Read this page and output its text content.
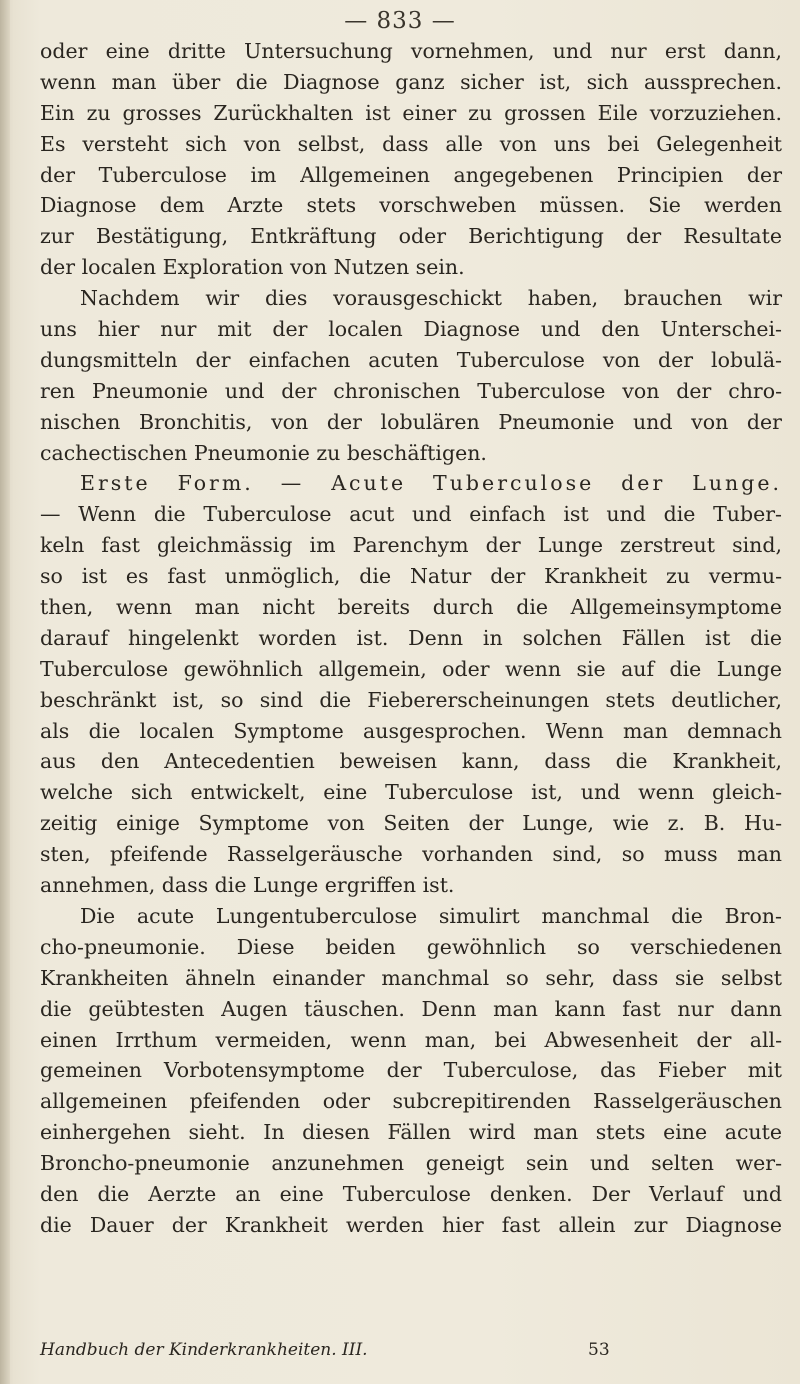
— 833 —
oder eine dritte Untersuchung vornehmen, und nur erst dann,
wenn man über die Diagnose ganz sicher ist, sich aussprechen.
Ein zu grosses Zurückhalten ist einer zu grossen Eile vorzuziehen.
Es versteht sich von selbst, dass alle von uns bei Gelegenheit
der Tuberculose im Allgemeinen angegebenen Principien der
Diagnose dem Arzte stets vorschweben müssen. Sie werden
zur Bestätigung, Entkräftung oder Berichtigung der Resultate
der localen Exploration von Nutzen sein.
Nachdem wir dies vorausgeschickt haben, brauchen wir
uns hier nur mit der localen Diagnose und den Unterschei-
dungsmitteln der einfachen acuten Tuberculose von der lobulä-
ren Pneumonie und der chronischen Tuberculose von der chro-
nischen Bronchitis, von der lobulären Pneumonie und von der
cachectischen Pneumonie zu beschäftigen.
Erste Form. — Acute Tuberculose der Lunge.
— Wenn die Tuberculose acut und einfach ist und die Tuber-
keln fast gleichmässig im Parenchym der Lunge zerstreut sind,
so ist es fast unmöglich, die Natur der Krankheit zu vermu-
then, wenn man nicht bereits durch die Allgemeinsymptome
darauf hingelenkt worden ist. Denn in solchen Fällen ist die
Tuberculose gewöhnlich allgemein, oder wenn sie auf die Lunge
beschränkt ist, so sind die Fiebererscheinungen stets deutlicher,
als die localen Symptome ausgesprochen. Wenn man demnach
aus den Antecedentien beweisen kann, dass die Krankheit,
welche sich entwickelt, eine Tuberculose ist, und wenn gleich-
zeitig einige Symptome von Seiten der Lunge, wie z. B. Hu-
sten, pfeifende Rasselgeräusche vorhanden sind, so muss man
annehmen, dass die Lunge ergriffen ist.
Die acute Lungentuberculose simulirt manchmal die Bron-
cho-pneumonie. Diese beiden gewöhnlich so verschiedenen
Krankheiten ähneln einander manchmal so sehr, dass sie selbst
die geübtesten Augen täuschen. Denn man kann fast nur dann
einen Irrthum vermeiden, wenn man, bei Abwesenheit der all-
gemeinen Vorbotensymptome der Tuberculose, das Fieber mit
allgemeinen pfeifenden oder subcrepitirenden Rasselgeräuschen
einhergehen sieht. In diesen Fällen wird man stets eine acute
Broncho-pneumonie anzunehmen geneigt sein und selten wer-
den die Aerzte an eine Tuberculose denken. Der Verlauf und
die Dauer der Krankheit werden hier fast allein zur Diagnose
Handbuch der Kinderkrankheiten. III.	53
